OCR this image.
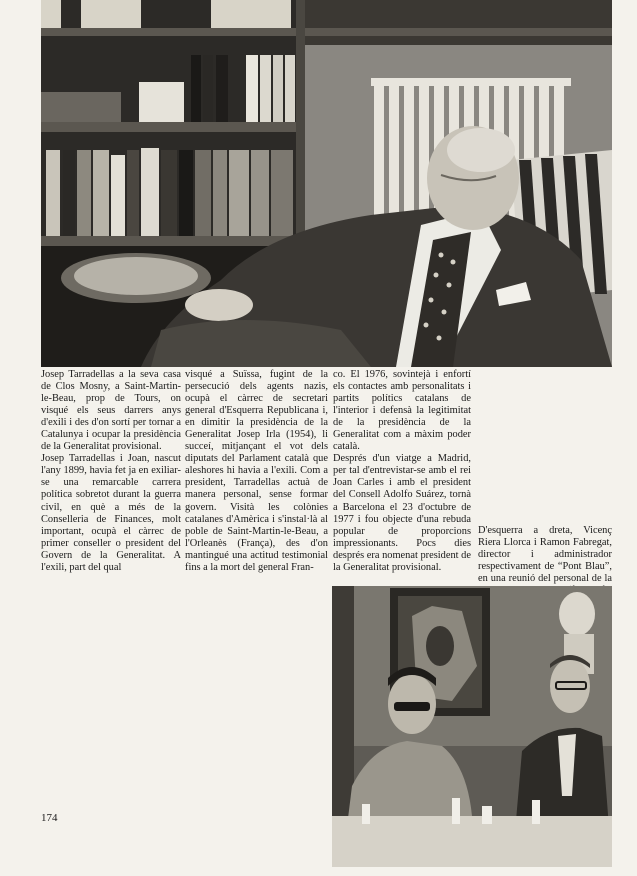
Josep Tarradellas a la seva casa de Clos Mosny, a Saint-Martin-le-Beau, prop de Tours, on visqué els seus darrers anys d'exili i des d'on sortí per tornar a Catalunya i ocupar la presidència de la Generalitat provisional.

Josep Tarradellas i Joan, nascut l'any 1899, havia fet ja en exiliar-se una remarcable carrera política sobretot durant la guerra civil, en què a més de la Conselleria de Finances, molt important, ocupà el càrrec de primer conseller o president del Govern de la Generalitat. A l'exili, part del qual

visqué a Suïssa, fugint de la persecució dels agents nazis, ocupà el càrrec de secretari general d'Esquerra Republicana i, en dimitir la presidència de la Generalitat Josep Irla (1954), li succeí, mitjançant el vot dels diputats del Parlament català que aleshores hi havia a l'exili. Com a president, Tarradellas actuà de manera personal, sense formar govern. Visità les colònies catalanes d'Amèrica i s'instal·là al poble de Saint-Martin-le-Beau, a l'Orleanès (França), des d'on mantingué una actitud testimonial fins a la mort del general Fran-

co. El 1976, sovintejà i enfortí els contactes amb personalitats i partits polítics catalans de l'interior i defensà la legitimitat de la presidència de la Generalitat com a màxim poder català.

Després d'un viatge a Madrid, per tal d'entrevistar-se amb el rei Joan Carles i amb el president del Consell Adolfo Suárez, tornà a Barcelona el 23 d'octubre de 1977 i fou objecte d'una rebuda popular de proporcions impressionants. Pocs dies després era nomenat president de la Generalitat provisional.

D'esquerra a dreta, Vicenç Riera Llorca i Ramon Fabregat, director i administrador respectivament de “Pont Blau”, en una reunió del personal de la
174
